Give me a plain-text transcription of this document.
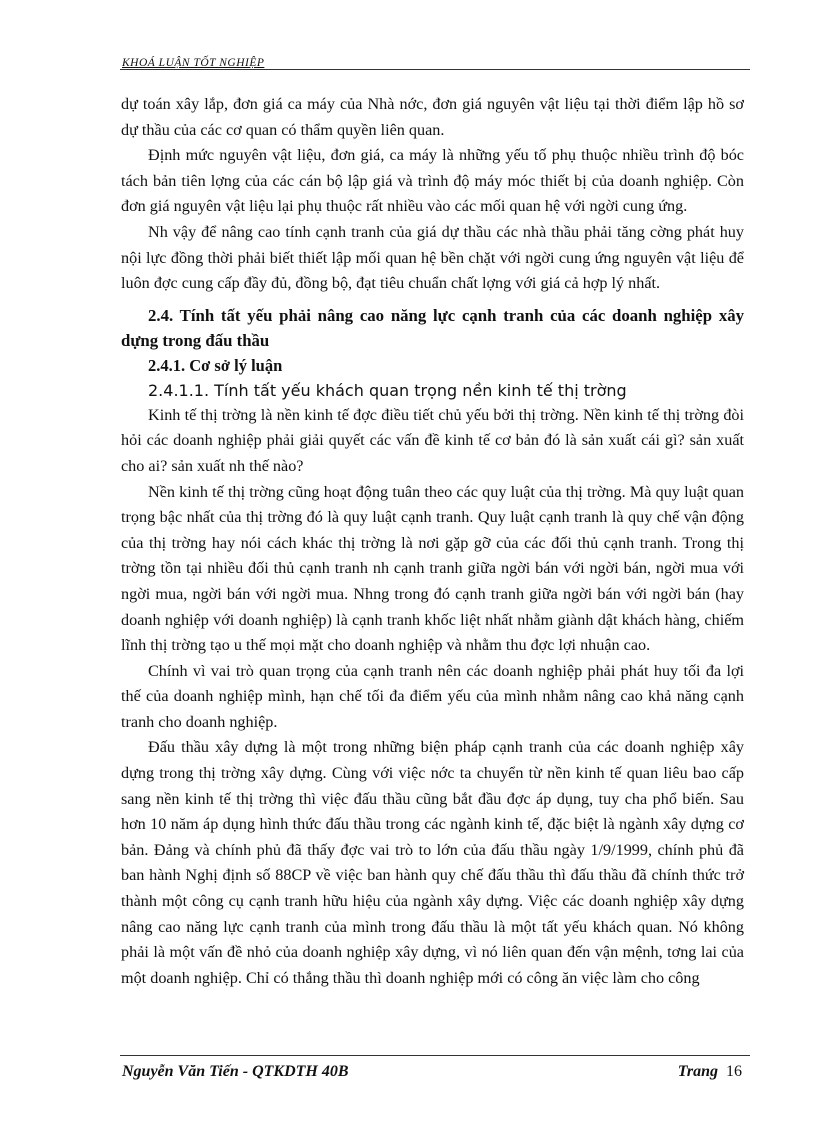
KHOÁ LUẬN TỐT NGHIỆP

dự toán xây lắp, đơn giá ca máy của Nhà nớc, đơn giá nguyên vật liệu tại thời điểm lập hồ sơ dự thầu của các cơ quan có thẩm quyền liên quan.

Định mức nguyên vật liệu, đơn giá, ca máy là những yếu tố phụ thuộc nhiều trình độ bóc tách bản tiên lợng của các cán bộ lập giá và trình độ máy móc thiết bị của doanh nghiệp. Còn đơn giá nguyên vật liệu lại phụ thuộc rất nhiều vào các mối quan hệ với ngời cung ứng.

Nh vậy để nâng cao tính cạnh tranh của giá dự thầu các nhà thầu phải tăng cờng phát huy nội lực đồng thời phải biết thiết lập mối quan hệ bền chặt với ngời cung ứng nguyên vật liệu để luôn đợc cung cấp đầy đủ, đồng bộ, đạt tiêu chuẩn chất lợng với giá cả hợp lý nhất.

2.4. Tính tất yếu phải nâng cao năng lực cạnh tranh của các doanh nghiệp xây dựng trong đấu thầu
2.4.1. Cơ sở lý luận
2.4.1.1. Tính tất yếu khách quan trọng nền kinh tế thị trờng

Kinh tế thị trờng là nền kinh tế đợc điều tiết chủ yếu bởi thị trờng. Nền kinh tế thị trờng đòi hỏi các doanh nghiệp phải giải quyết các vấn đề kinh tế cơ bản đó là sản xuất cái gì? sản xuất cho ai? sản xuất nh thế nào?

Nền kinh tế thị trờng cũng hoạt động tuân theo các quy luật của thị trờng. Mà quy luật quan trọng bậc nhất của thị trờng đó là quy luật cạnh tranh. Quy luật cạnh tranh là quy chế vận động của thị trờng hay nói cách khác thị trờng là nơi gặp gỡ của các đối thủ cạnh tranh. Trong thị trờng tồn tại nhiều đối thủ cạnh tranh nh cạnh tranh giữa ngời bán với ngời bán, ngời mua với ngời mua, ngời bán với ngời mua. Nhng trong đó cạnh tranh giữa ngời bán với ngời bán (hay doanh nghiệp với doanh nghiệp) là cạnh tranh khốc liệt nhất nhằm giành dật khách hàng, chiếm lĩnh thị trờng tạo u thế mọi mặt cho doanh nghiệp và nhằm thu đợc lợi nhuận cao.

Chính vì vai trò quan trọng của cạnh tranh nên các doanh nghiệp phải phát huy tối đa lợi thế của doanh nghiệp mình, hạn chế tối đa điểm yếu của mình nhằm nâng cao khả năng cạnh tranh cho doanh nghiệp.

Đấu thầu xây dựng là một trong những biện pháp cạnh tranh của các doanh nghiệp xây dựng trong thị trờng xây dựng. Cùng với việc nớc ta chuyển từ nền kinh tế quan liêu bao cấp sang nền kinh tế thị trờng thì việc đấu thầu cũng bắt đầu đợc áp dụng, tuy cha phổ biến. Sau hơn 10 năm áp dụng hình thức đấu thầu trong các ngành kinh tế, đặc biệt là ngành xây dựng cơ bản. Đảng và chính phủ đã thấy đợc vai trò to lớn của đấu thầu ngày 1/9/1999, chính phủ đã ban hành Nghị định số 88CP về việc ban hành quy chế đấu thầu thì đấu thầu đã chính thức trở thành một công cụ cạnh tranh hữu hiệu của ngành xây dựng. Việc các doanh nghiệp xây dựng nâng cao năng lực cạnh tranh của mình trong đấu thầu là một tất yếu khách quan. Nó không phải là một vấn đề nhỏ của doanh nghiệp xây dựng, vì nó liên quan đến vận mệnh, tơng lai của một doanh nghiệp. Chỉ có thắng thầu thì doanh nghiệp mới có công ăn việc làm cho công

Nguyễn Văn Tiến - QTKDTH 40B	Trang 16
